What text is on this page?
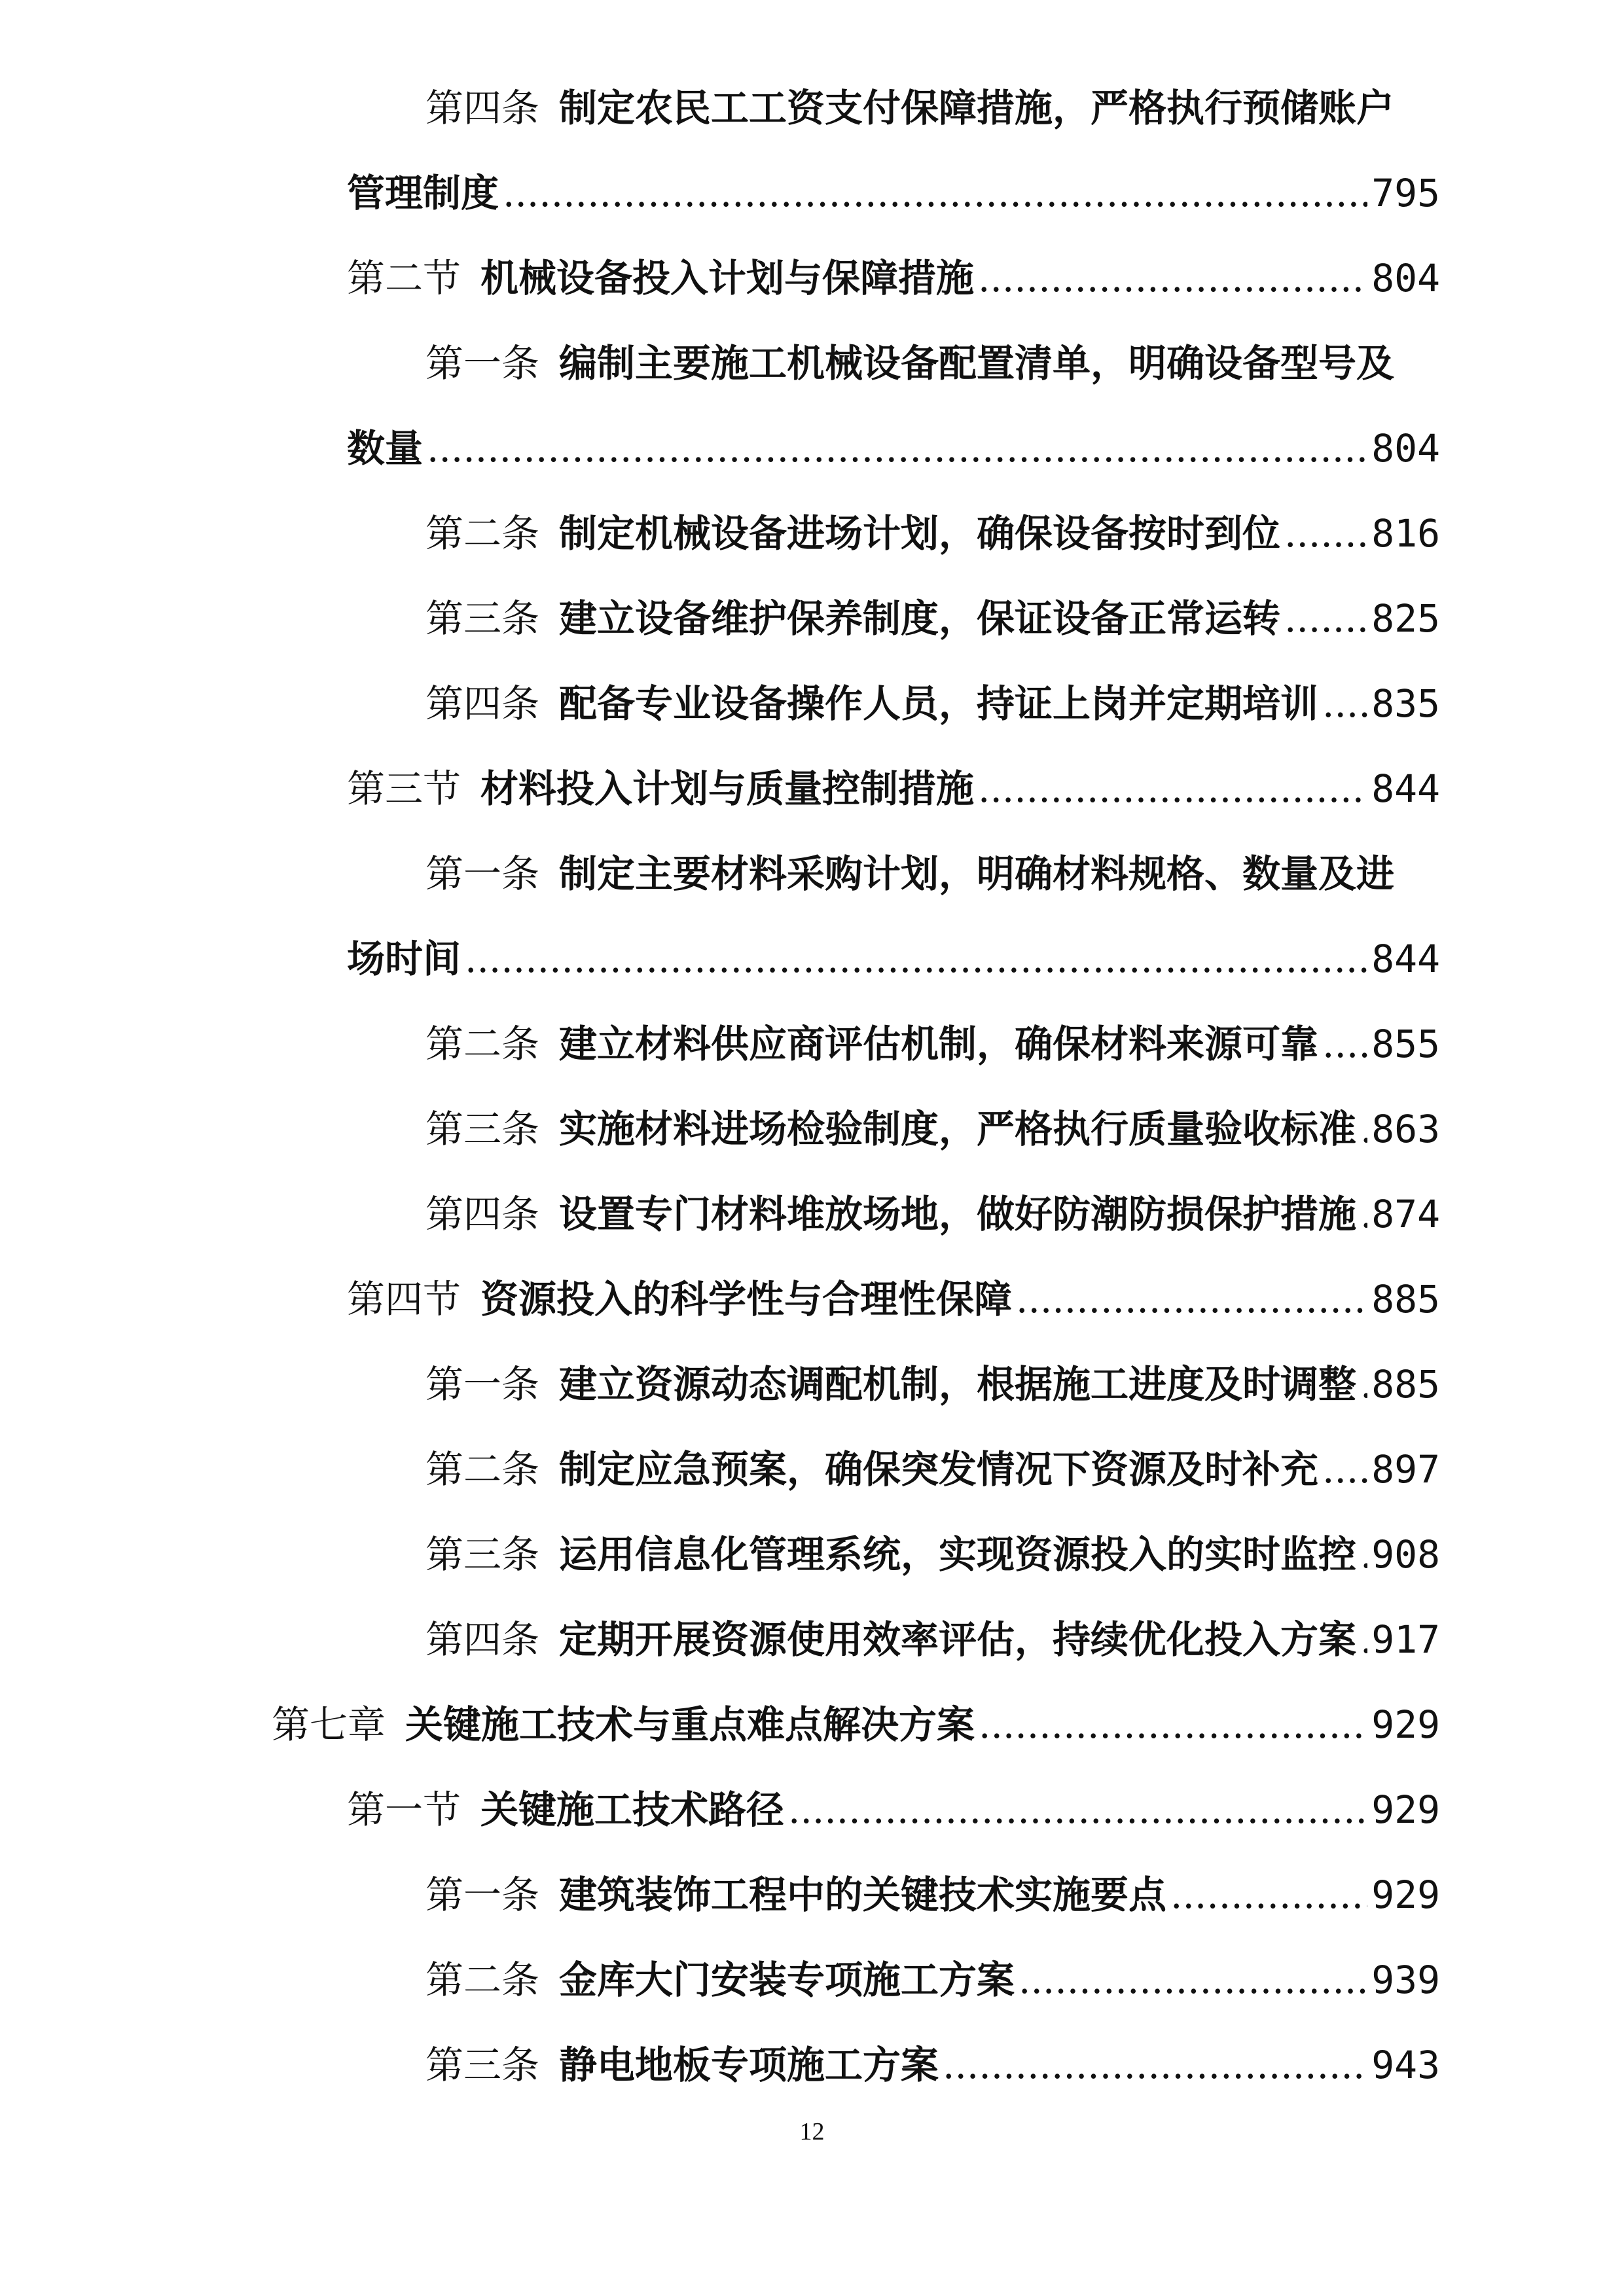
第四条 制定农民工工资支付保障措施，严格执行预储账户
管理制度 .....	795
第二节 机械设备投入计划与保障措施 .....	804
第一条 编制主要施工机械设备配置清单，明确设备型号及
数量 .....	804
第二条 制定机械设备进场计划，确保设备按时到位 ..... 816
第三条 建立设备维护保养制度，保证设备正常运转 ..... 825
第四条 配备专业设备操作人员，持证上岗并定期培训 ..... 835
第三节 材料投入计划与质量控制措施 .....	844
第一条 制定主要材料采购计划，明确材料规格、数量及进
场时间 .....	844
第二条 建立材料供应商评估机制，确保材料来源可靠 ..... 855
第三条 实施材料进场检验制度，严格执行质量验收标准 ..... 863
第四条 设置专门材料堆放场地，做好防潮防损保护措施 ..... 874
第四节 资源投入的科学性与合理性保障 .....	885
第一条 建立资源动态调配机制，根据施工进度及时调整 ..... 885
第二条 制定应急预案，确保突发情况下资源及时补充 ..... 897
第三条 运用信息化管理系统，实现资源投入的实时监控 ..... 908
第四条 定期开展资源使用效率评估，持续优化投入方案 ..... 917
第七章 关键施工技术与重点难点解决方案 .....	929
第一节 关键施工技术路径 .....	929
第一条 建筑装饰工程中的关键技术实施要点 .....	929
第二条 金库大门安装专项施工方案 .....	939
第三条 静电地板专项施工方案 .....	943
12
